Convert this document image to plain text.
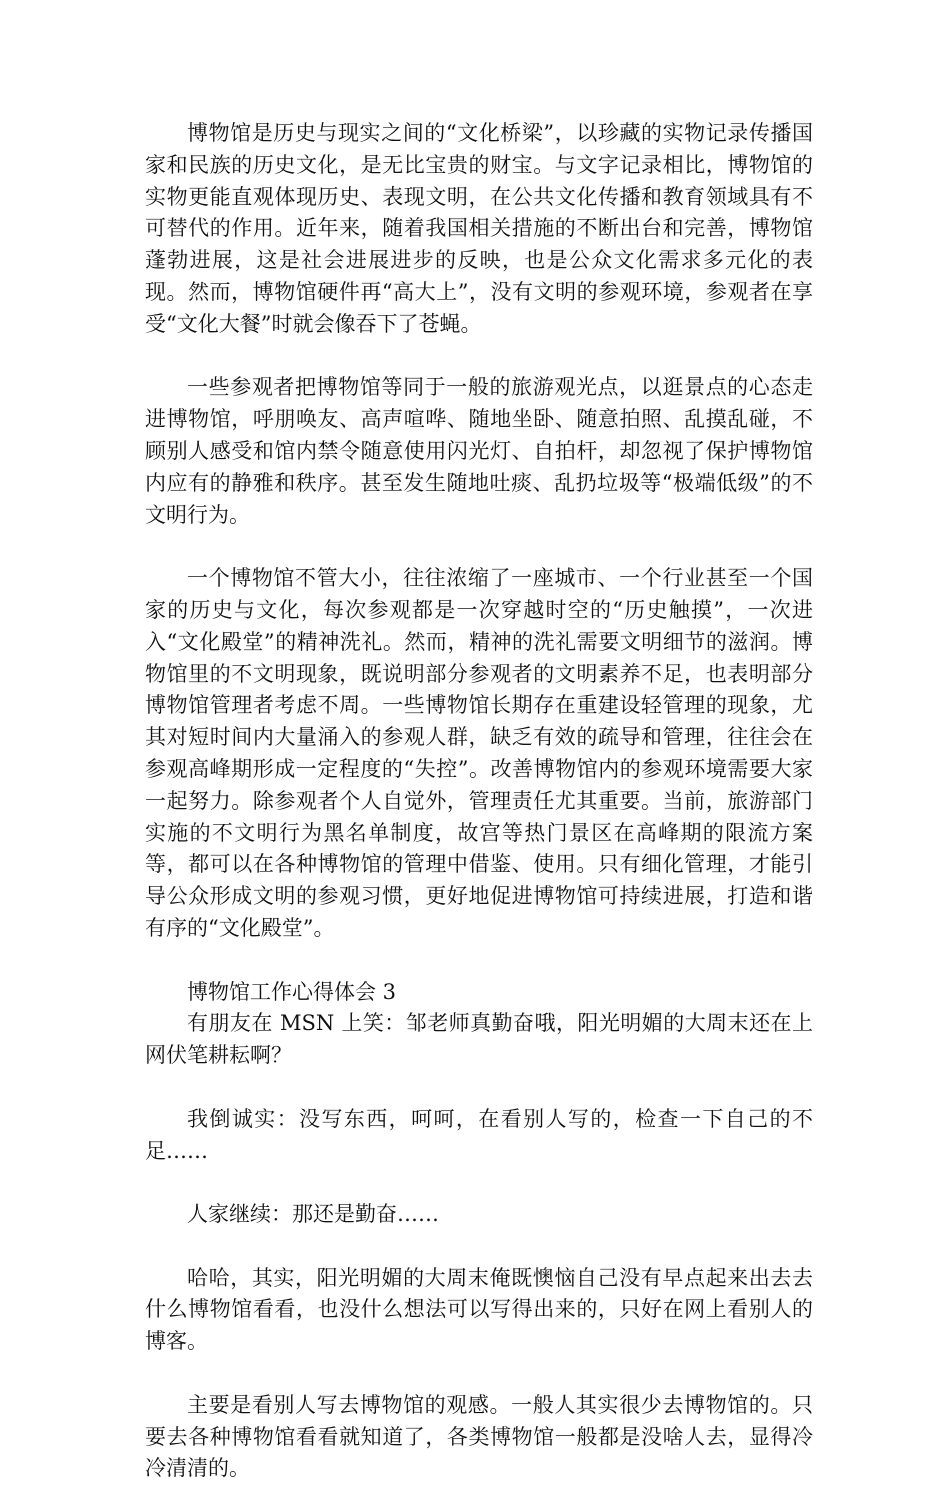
博物馆是历史与现实之间的“文化桥梁”，以珍藏的实物记录传播国家和民族的历史文化，是无比宝贵的财宝。与文字记录相比，博物馆的实物更能直观体现历史、表现文明，在公共文化传播和教育领域具有不可替代的作用。近年来，随着我国相关措施的不断出台和完善，博物馆蓬勃进展，这是社会进展进步的反映，也是公众文化需求多元化的表现。然而，博物馆硬件再“高大上”，没有文明的参观环境，参观者在享受“文化大餐”时就会像吞下了苍蝇。

一些参观者把博物馆等同于一般的旅游观光点，以逛景点的心态走进博物馆，呼朋唤友、高声喧哗、随地坐卧、随意拍照、乱摸乱碰，不顾别人感受和馆内禁令随意使用闪光灯、自拍杆，却忽视了保护博物馆内应有的静雅和秩序。甚至发生随地吐痰、乱扔垃圾等“极端低级”的不文明行为。

一个博物馆不管大小，往往浓缩了一座城市、一个行业甚至一个国家的历史与文化，每次参观都是一次穿越时空的“历史触摸”，一次进入“文化殿堂”的精神洗礼。然而，精神的洗礼需要文明细节的滋润。博物馆里的不文明现象，既说明部分参观者的文明素养不足，也表明部分博物馆管理者考虑不周。一些博物馆长期存在重建设轻管理的现象，尤其对短时间内大量涌入的参观人群，缺乏有效的疏导和管理，往往会在参观高峰期形成一定程度的“失控”。改善博物馆内的参观环境需要大家一起努力。除参观者个人自觉外，管理责任尤其重要。当前，旅游部门实施的不文明行为黑名单制度，故宫等热门景区在高峰期的限流方案等，都可以在各种博物馆的管理中借鉴、使用。只有细化管理，才能引导公众形成文明的参观习惯，更好地促进博物馆可持续进展，打造和谐有序的“文化殿堂”。

博物馆工作心得体会 3

有朋友在 MSN 上笑：邹老师真勤奋哦，阳光明媚的大周末还在上网伏笔耕耘啊？

我倒诚实：没写东西，呵呵，在看别人写的，检查一下自己的不足……

人家继续：那还是勤奋……

哈哈，其实，阳光明媚的大周末俺既懊恼自己没有早点起来出去去什么博物馆看看，也没什么想法可以写得出来的，只好在网上看别人的博客。

主要是看别人写去博物馆的观感。一般人其实很少去博物馆的。只要去各种博物馆看看就知道了，各类博物馆一般都是没啥人去，显得冷冷清清的。
